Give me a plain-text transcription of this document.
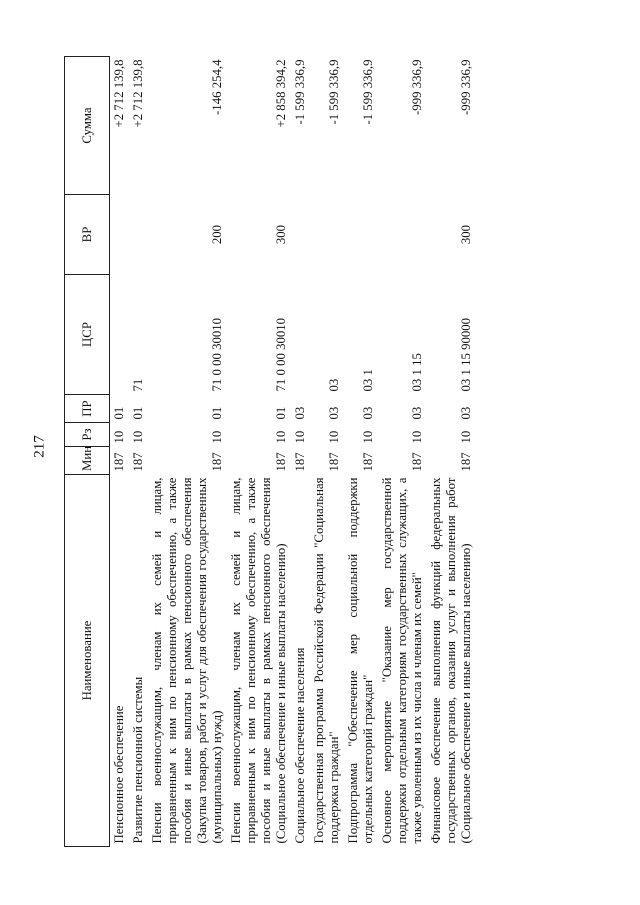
217
Наименование	Мин	Рз	ПР	ЦСР	ВР	Сумма
Пенсионное обеспечение	187	10	01			+2 712 139,8
Развитие пенсионной системы	187	10	01	71		+2 712 139,8
Пенсии военнослужащим, членам их семей и лицам, приравненным к ним по пенсионному обеспечению, а также пособия и иные выплаты в рамках пенсионного обеспечения (Закупка товаров, работ и услуг для обеспечения государственных (муниципальных) нужд)	187	10	01	71 0 00 30010	200	-146 254,4
Пенсии военнослужащим, членам их семей и лицам, приравненным к ним по пенсионному обеспечению, а также пособия и иные выплаты в рамках пенсионного обеспечения (Социальное обеспечение и иные выплаты населению)	187	10	01	71 0 00 30010	300	+2 858 394,2
Социальное обеспечение населения	187	10	03			-1 599 336,9
Государственная программа Российской Федерации "Социальная поддержка граждан"	187	10	03	03		-1 599 336,9
Подпрограмма "Обеспечение мер социальной поддержки отдельных категорий граждан"	187	10	03	03 1		-1 599 336,9
Основное мероприятие "Оказание мер государственной поддержки отдельным категориям государственных служащих, а также уволенным из их числа и членам их семей"	187	10	03	03 1 15		-999 336,9
Финансовое обеспечение выполнения функций федеральных государственных органов, оказания услуг и выполнения работ (Социальное обеспечение и иные выплаты населению)	187	10	03	03 1 15 90000	300	-999 336,9
